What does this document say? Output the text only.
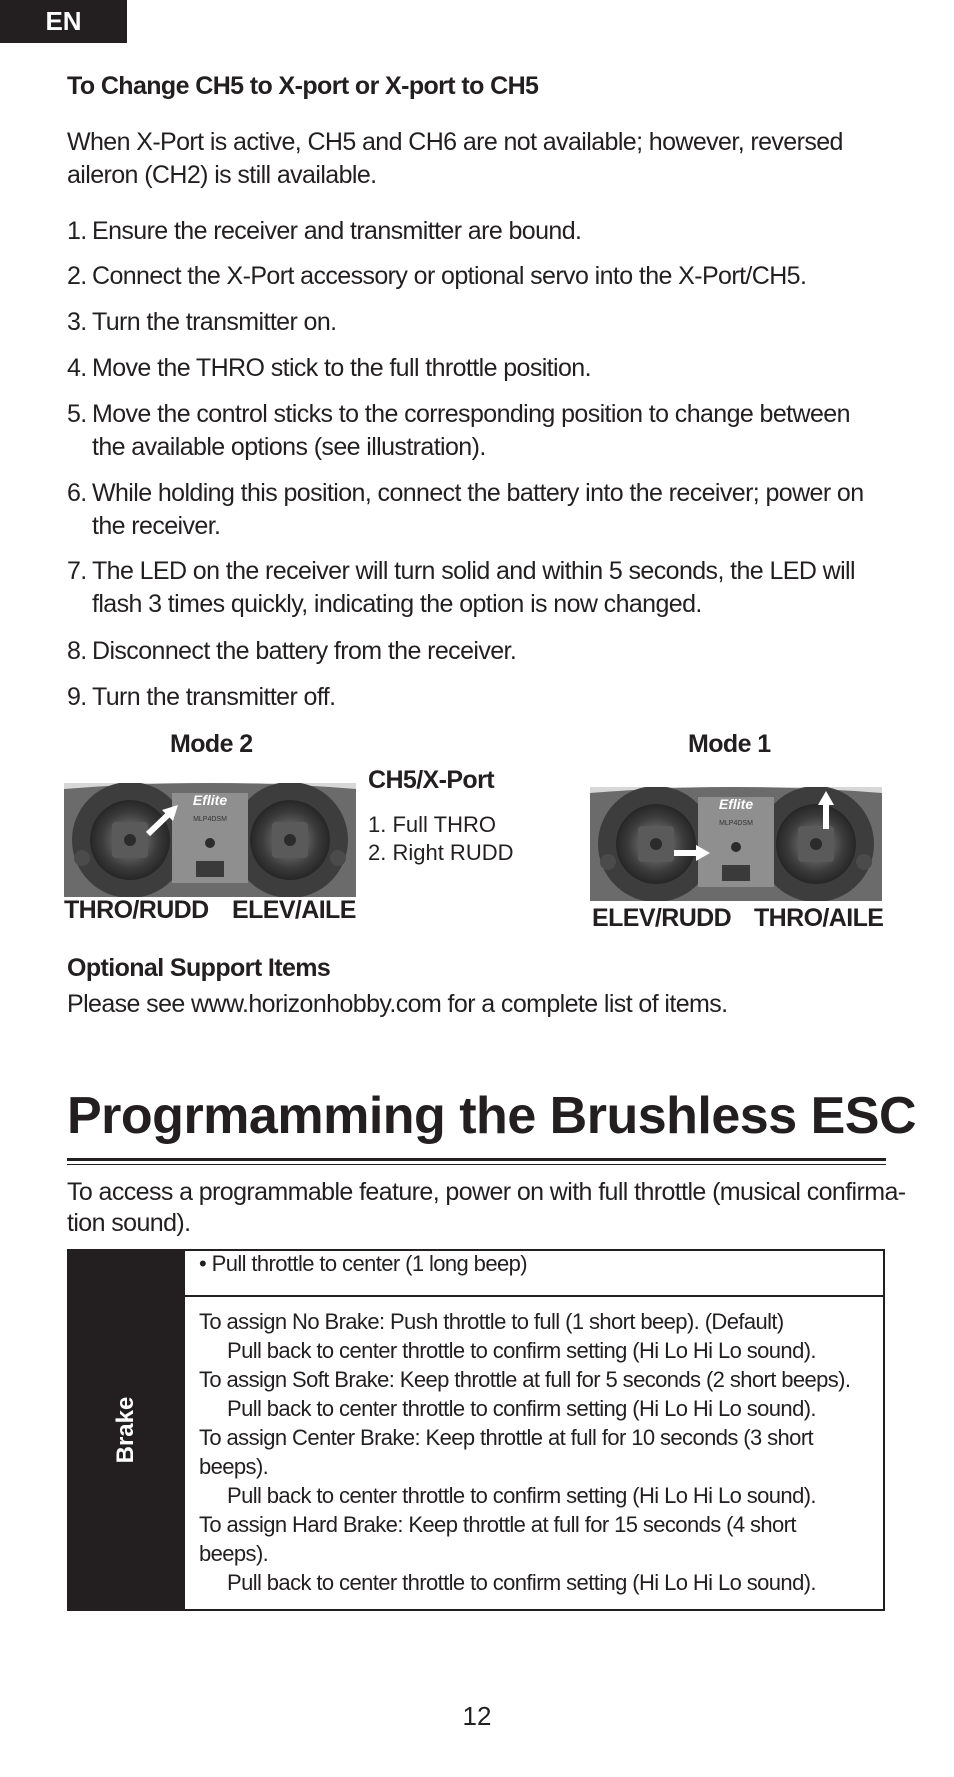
EN
To Change CH5 to X-port or X-port to CH5
When X-Port is active, CH5 and CH6 are not available; however, reversed aileron (CH2) is still available.
1. Ensure the receiver and transmitter are bound.
2. Connect the X-Port accessory or optional servo into the X-Port/CH5.
3. Turn the transmitter on.
4. Move the THRO stick to the full throttle position.
5. Move the control sticks to the corresponding position to change between the available options (see illustration).
6. While holding this position, connect the battery into the receiver; power on the receiver.
7. The LED on the receiver will turn solid and within 5 seconds, the LED will flash 3 times quickly, indicating the option is now changed.
8. Disconnect the battery from the receiver.
9. Turn the transmitter off.
Mode 2
Eflite
MLP4DSM
THRO/RUDD ELEV/AILE
CH5/X-Port
1. Full THRO
2. Right RUDD
Mode 1
Eflite
MLP4DSM
ELEV/RUDD THRO/AILE
Optional Support Items
Please see www.horizonhobby.com for a complete list of items.
Progrmamming the Brushless ESC
To access a programmable feature, power on with full throttle (musical confirma-
tion sound).
Brake
	• Pull throttle to center (1 long beep)

To assign No Brake: Push throttle to full (1 short beep). (Default)
Pull back to center throttle to confirm setting (Hi Lo Hi Lo sound).
To assign Soft Brake: Keep throttle at full for 5 seconds (2 short beeps).
Pull back to center throttle to confirm setting (Hi Lo Hi Lo sound).
To assign Center Brake: Keep throttle at full for 10 seconds (3 short beeps).
Pull back to center throttle to confirm setting (Hi Lo Hi Lo sound).
To assign Hard Brake: Keep throttle at full for 15 seconds (4 short beeps).
Pull back to center throttle to confirm setting (Hi Lo Hi Lo sound).
12
